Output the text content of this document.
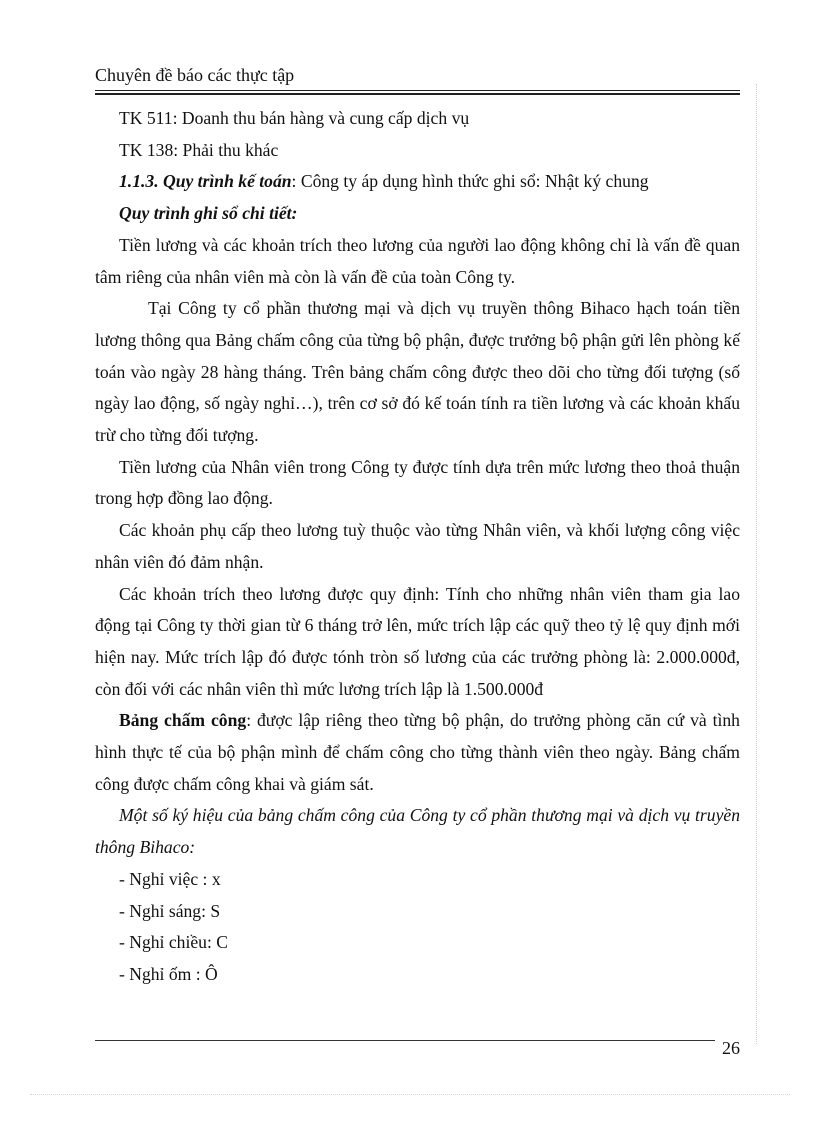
Chuyên đề báo các thực tập

TK 511: Doanh thu bán hàng và cung cấp dịch vụ

TK 138: Phải thu khác

1.1.3. Quy trình kế toán: Công ty áp dụng hình thức ghi sổ: Nhật ký chung

Quy trình ghi sổ chi tiết:

Tiền lương và các khoản trích theo lương của người lao động không chỉ là vấn đề quan tâm riêng của nhân viên mà còn là vấn đề của toàn Công ty.

Tại Công ty cổ phần thương mại và dịch vụ truyền thông Bihaco hạch toán tiền lương thông qua Bảng chấm công của từng bộ phận, được trưởng bộ phận gửi lên phòng kế toán vào ngày 28 hàng tháng. Trên bảng chấm công được theo dõi cho từng đối tượng (số ngày lao động, số ngày nghỉ…), trên cơ sở đó kế toán tính ra tiền lương và các khoản khấu trừ cho từng đối tượng.

Tiền lương của Nhân viên trong Công ty được tính dựa trên mức lương theo thoả thuận trong hợp đồng lao động.

Các khoản phụ cấp theo lương tuỳ thuộc vào từng Nhân viên, và khối lượng công việc nhân viên đó đảm nhận.

Các khoản trích theo lương được quy định: Tính cho những nhân viên tham gia lao động tại Công ty thời gian từ 6 tháng trở lên, mức trích lập các quỹ theo tỷ lệ quy định mới hiện nay. Mức trích lập đó được tónh tròn số lương của các trưởng phòng là: 2.000.000đ, còn đối với các nhân viên thì mức lương trích lập là 1.500.000đ

Bảng chấm công: được lập riêng theo từng bộ phận, do trưởng phòng căn cứ và tình hình thực tế của bộ phận mình để chấm công cho từng thành viên theo ngày. Bảng chấm công được chấm công khai và giám sát.

Một số ký hiệu của bảng chấm công của Công ty cổ phần thương mại và dịch vụ truyền thông Bihaco:

- Nghỉ việc : x

- Nghỉ sáng: S

- Nghỉ chiều: C

- Nghỉ ốm : Ô

26
